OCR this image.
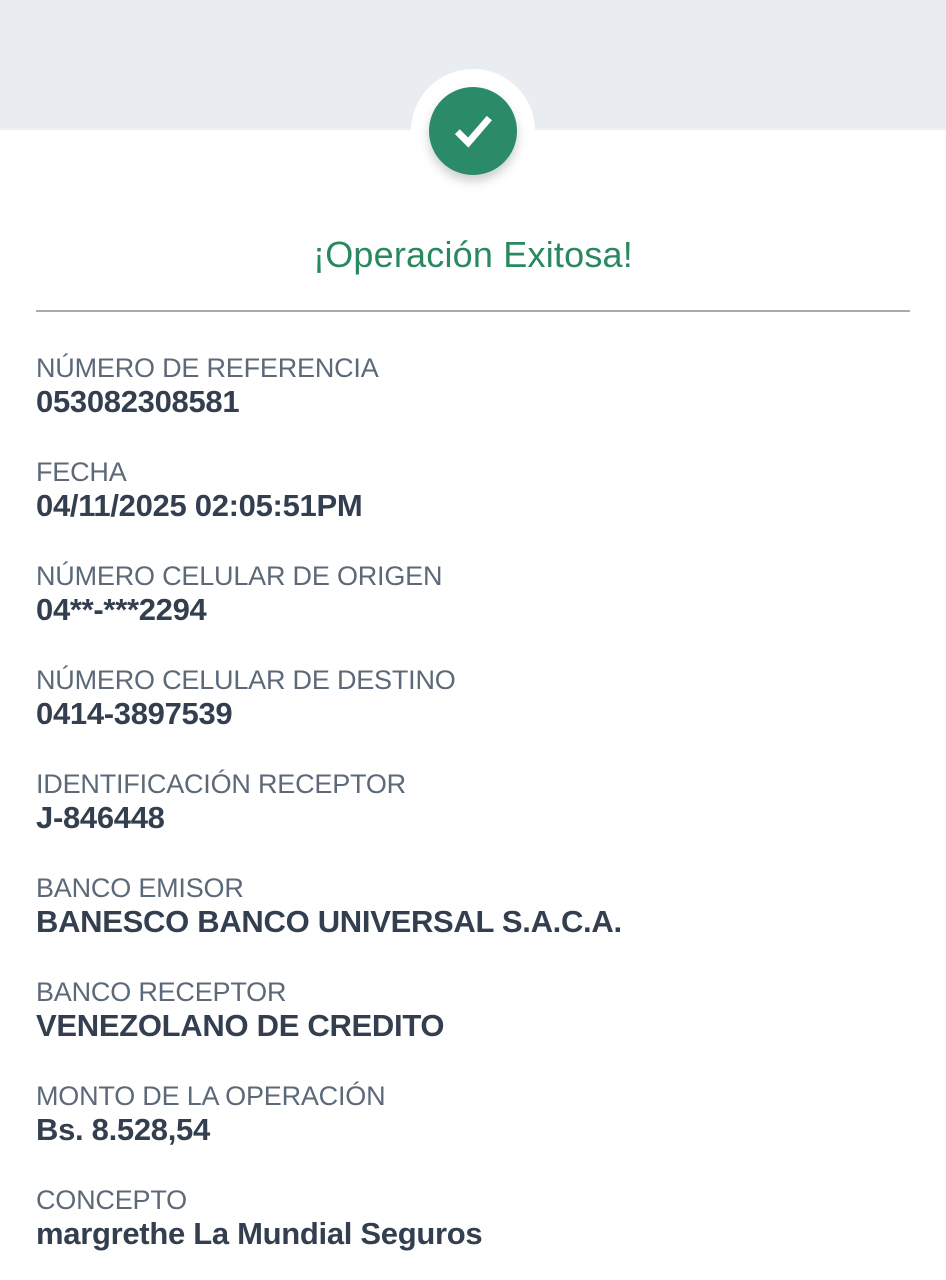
¡Operación Exitosa!
NÚMERO DE REFERENCIA
053082308581
FECHA
04/11/2025 02:05:51PM
NÚMERO CELULAR DE ORIGEN
04**-***2294
NÚMERO CELULAR DE DESTINO
0414-3897539
IDENTIFICACIÓN RECEPTOR
J-846448
BANCO EMISOR
BANESCO BANCO UNIVERSAL S.A.C.A.
BANCO RECEPTOR
VENEZOLANO DE CREDITO
MONTO DE LA OPERACIÓN
Bs. 8.528,54
CONCEPTO
margrethe La Mundial Seguros
